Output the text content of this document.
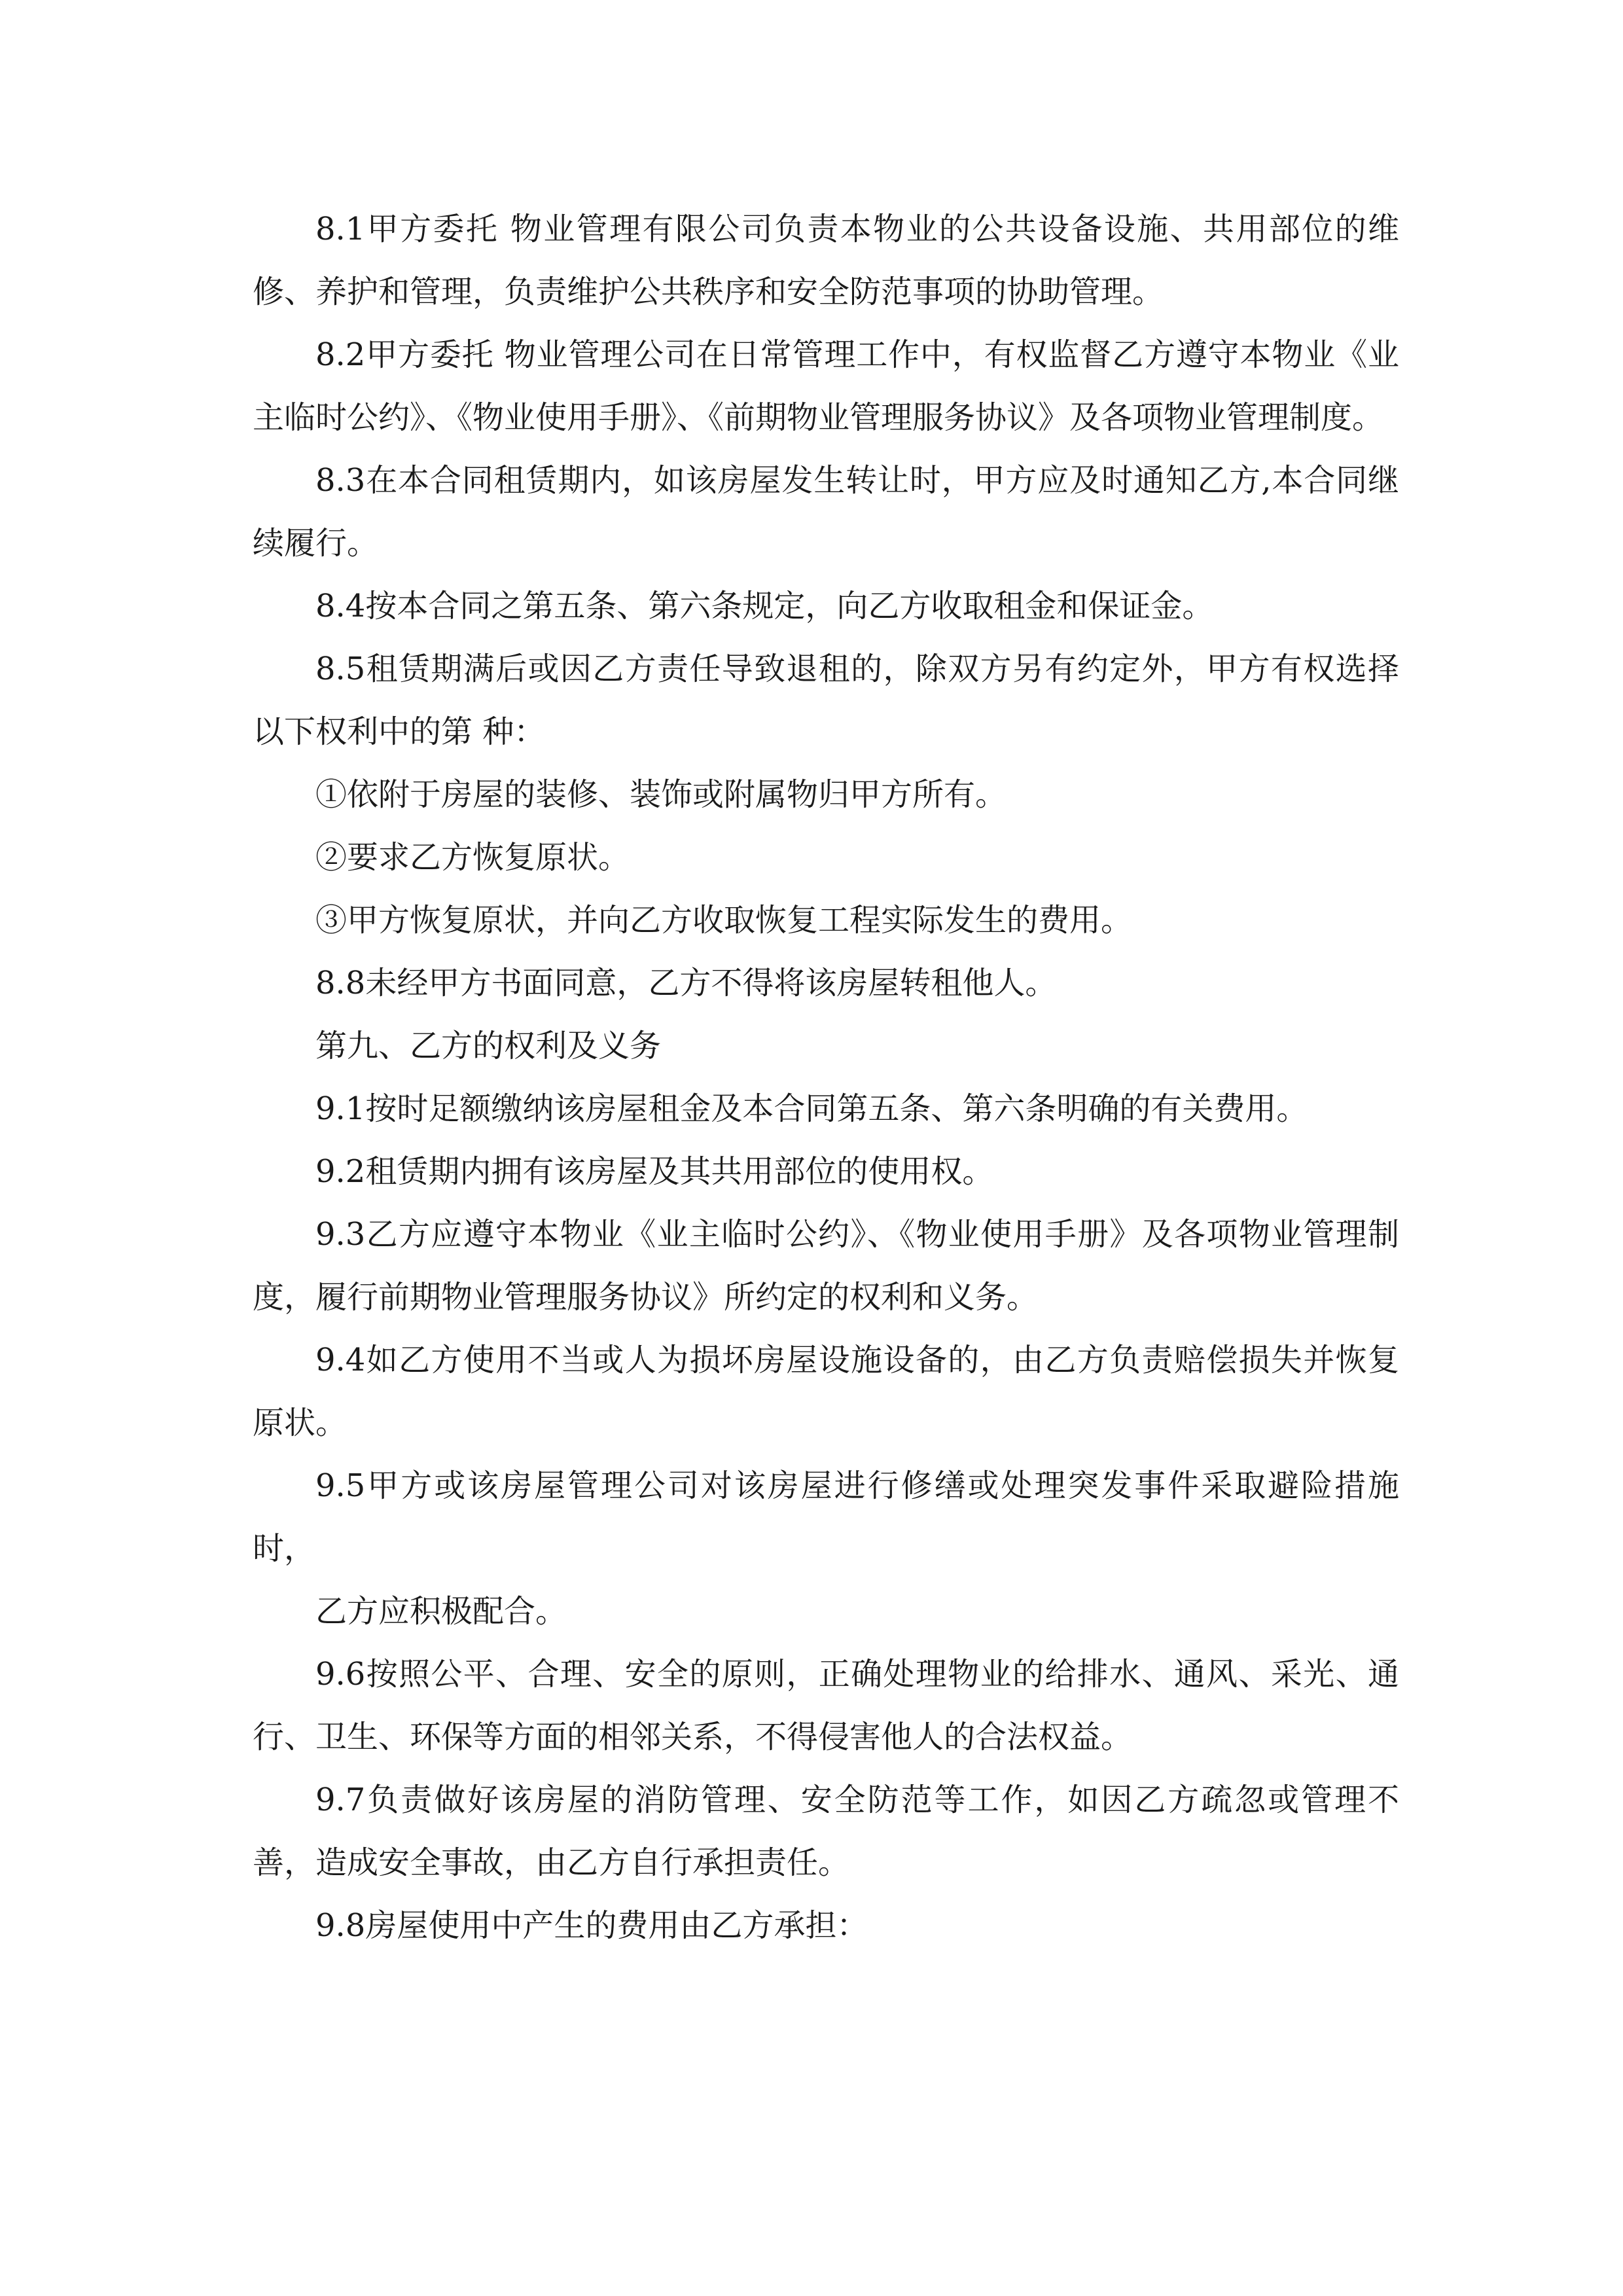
8.1甲方委托 物业管理有限公司负责本物业的公共设备设施、共用部位的维修、养护和管理，负责维护公共秩序和安全防范事项的协助管理。

8.2甲方委托 物业管理公司在日常管理工作中，有权监督乙方遵守本物业《业主临时公约》、《物业使用手册》、《前期物业管理服务协议》及各项物业管理制度。

8.3在本合同租赁期内，如该房屋发生转让时，甲方应及时通知乙方,本合同继续履行。

8.4按本合同之第五条、第六条规定，向乙方收取租金和保证金。

8.5租赁期满后或因乙方责任导致退租的，除双方另有约定外，甲方有权选择以下权利中的第 种：

①依附于房屋的装修、装饰或附属物归甲方所有。

②要求乙方恢复原状。

③甲方恢复原状，并向乙方收取恢复工程实际发生的费用。

8.8未经甲方书面同意，乙方不得将该房屋转租他人。

第九、乙方的权利及义务

9.1按时足额缴纳该房屋租金及本合同第五条、第六条明确的有关费用。

9.2租赁期内拥有该房屋及其共用部位的使用权。

9.3乙方应遵守本物业《业主临时公约》、《物业使用手册》及各项物业管理制度，履行前期物业管理服务协议》所约定的权利和义务。

9.4如乙方使用不当或人为损坏房屋设施设备的，由乙方负责赔偿损失并恢复原状。

9.5甲方或该房屋管理公司对该房屋进行修缮或处理突发事件采取避险措施时，

乙方应积极配合。

9.6按照公平、合理、安全的原则，正确处理物业的给排水、通风、采光、通行、卫生、环保等方面的相邻关系，不得侵害他人的合法权益。

9.7负责做好该房屋的消防管理、安全防范等工作，如因乙方疏忽或管理不善，造成安全事故，由乙方自行承担责任。

9.8房屋使用中产生的费用由乙方承担：
